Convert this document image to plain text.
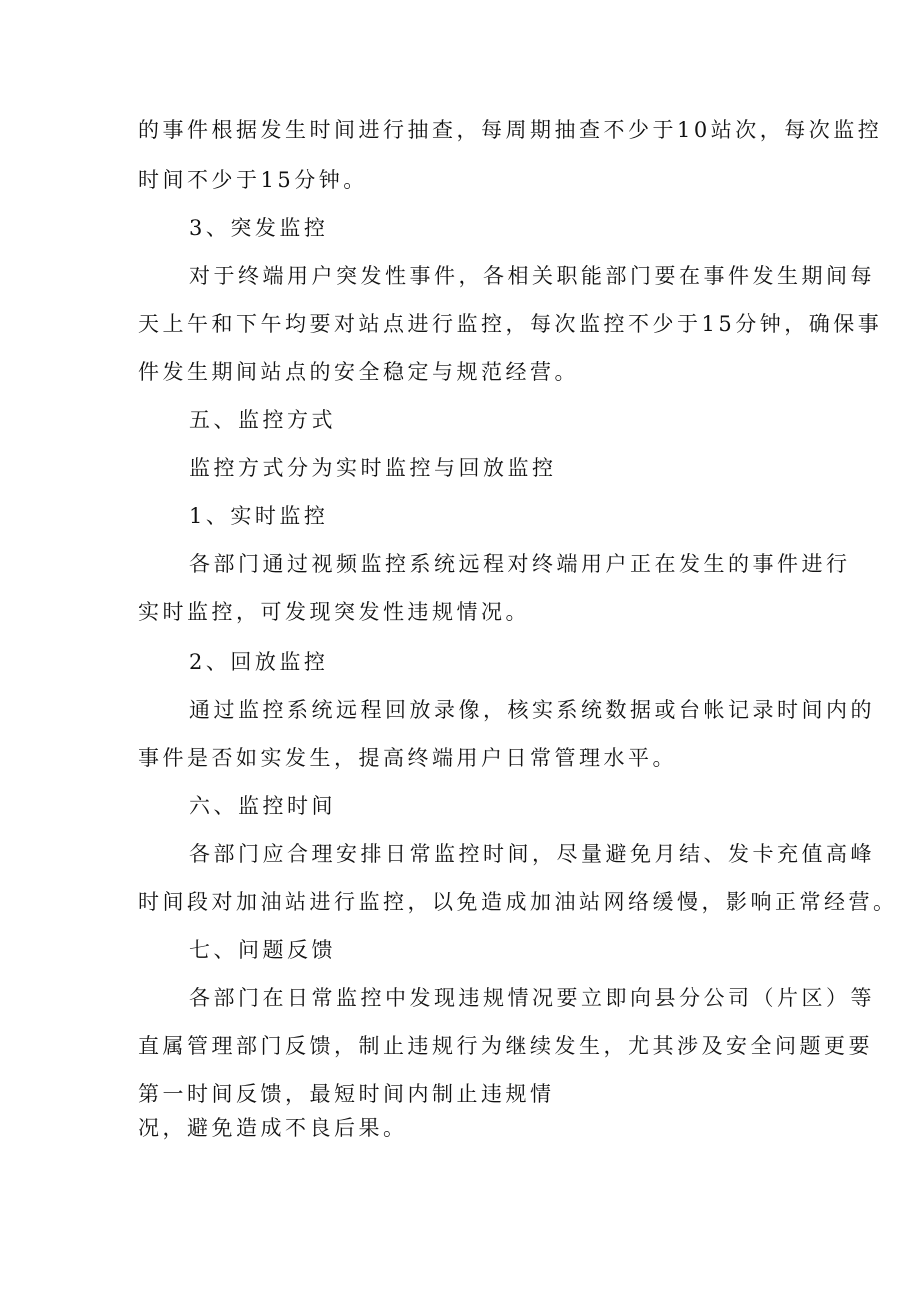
的事件根据发生时间进行抽查，每周期抽查不少于10站次，每次监控
时间不少于15分钟。
3、突发监控
对于终端用户突发性事件，各相关职能部门要在事件发生期间每
天上午和下午均要对站点进行监控，每次监控不少于15分钟，确保事
件发生期间站点的安全稳定与规范经营。
五、监控方式
监控方式分为实时监控与回放监控
1、实时监控
各部门通过视频监控系统远程对终端用户正在发生的事件进行
实时监控，可发现突发性违规情况。
2、回放监控
通过监控系统远程回放录像，核实系统数据或台帐记录时间内的
事件是否如实发生，提高终端用户日常管理水平。
六、监控时间
各部门应合理安排日常监控时间，尽量避免月结、发卡充值高峰
时间段对加油站进行监控，以免造成加油站网络缓慢，影响正常经营。
七、问题反馈
各部门在日常监控中发现违规情况要立即向县分公司（片区）等
直属管理部门反馈，制止违规行为继续发生，尤其涉及安全问题更要
第一时间反馈，最短时间内制止违规情
况，避免造成不良后果。
